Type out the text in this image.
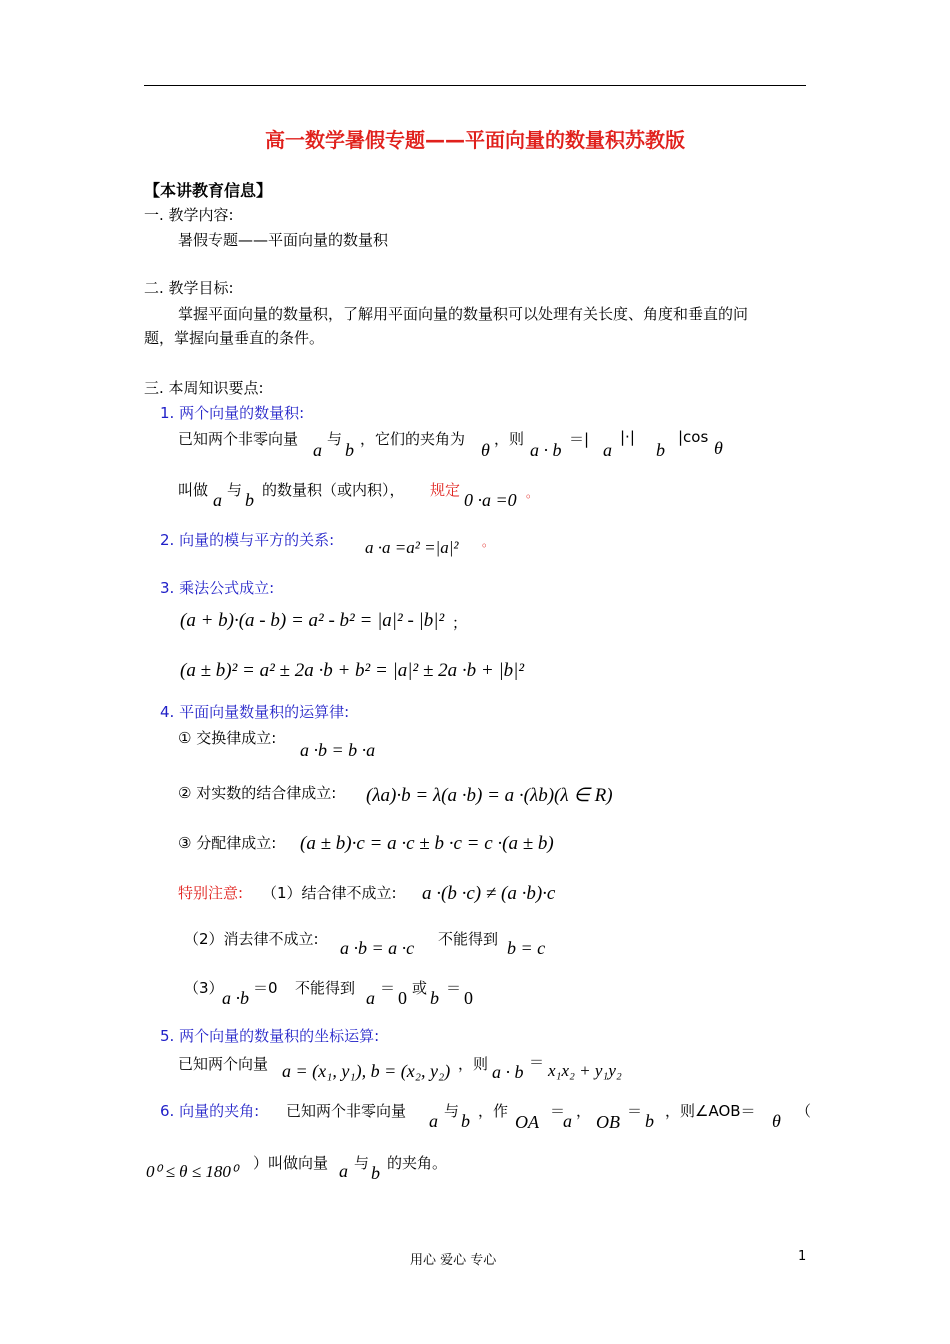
高一数学暑假专题——平面向量的数量积苏教版
【本讲教育信息】
一. 教学内容:
暑假专题——平面向量的数量积
二. 教学目标:
掌握平面向量的数量积，了解用平面向量的数量积可以处理有关长度、角度和垂直的问
题，掌握向量垂直的条件。
三. 本周知识要点:
1. 两个向量的数量积:
已知两个非零向量
a
与
b
，它们的夹角为
θ
，则
a · b
＝|
a
|·|
b
|cos
θ
叫做 a 与 b 的数量积（或内积）， 规定 0 ·a =0 。
2. 向量的模与平方的关系: a ·a =a² =|a|² 。
3. 乘法公式成立:
(a + b)·(a - b) = a² - b² = |a|² - |b|² ；
(a ± b)² = a² ± 2a ·b + b² = |a|² ± 2a ·b + |b|²
4. 平面向量数量积的运算律:
① 交换律成立:
a ·b = b ·a
② 对实数的结合律成立: (λa)·b = λ(a ·b) = a ·(λb)(λ ∈ R)
③ 分配律成立: (a ± b)·c = a ·c ± b ·c = c ·(a ± b)
特别注意: （1）结合律不成立: a ·(b ·c) ≠ (a ·b)·c
（2）消去律不成立: a ·b = a ·c 不能得到 b = c
（3）
a ·b ＝0 不能得到 a ＝ 0 或 b ＝ 0
5. 两个向量的数量积的坐标运算:
已知两个向量 a = (x₁, y₁), b = (x₂, y₂) ，则 a · b ＝ x₁x₂ + y₁y₂
6. 向量的夹角: 已知两个非零向量 a 与 b ，作
OA
＝
a ，
OB
＝ b ，则∠AOB＝ θ （
0⁰ ≤ θ ≤ 180⁰ ）叫做向量 a 与 b 的夹角。
用心 爱心 专心	1
